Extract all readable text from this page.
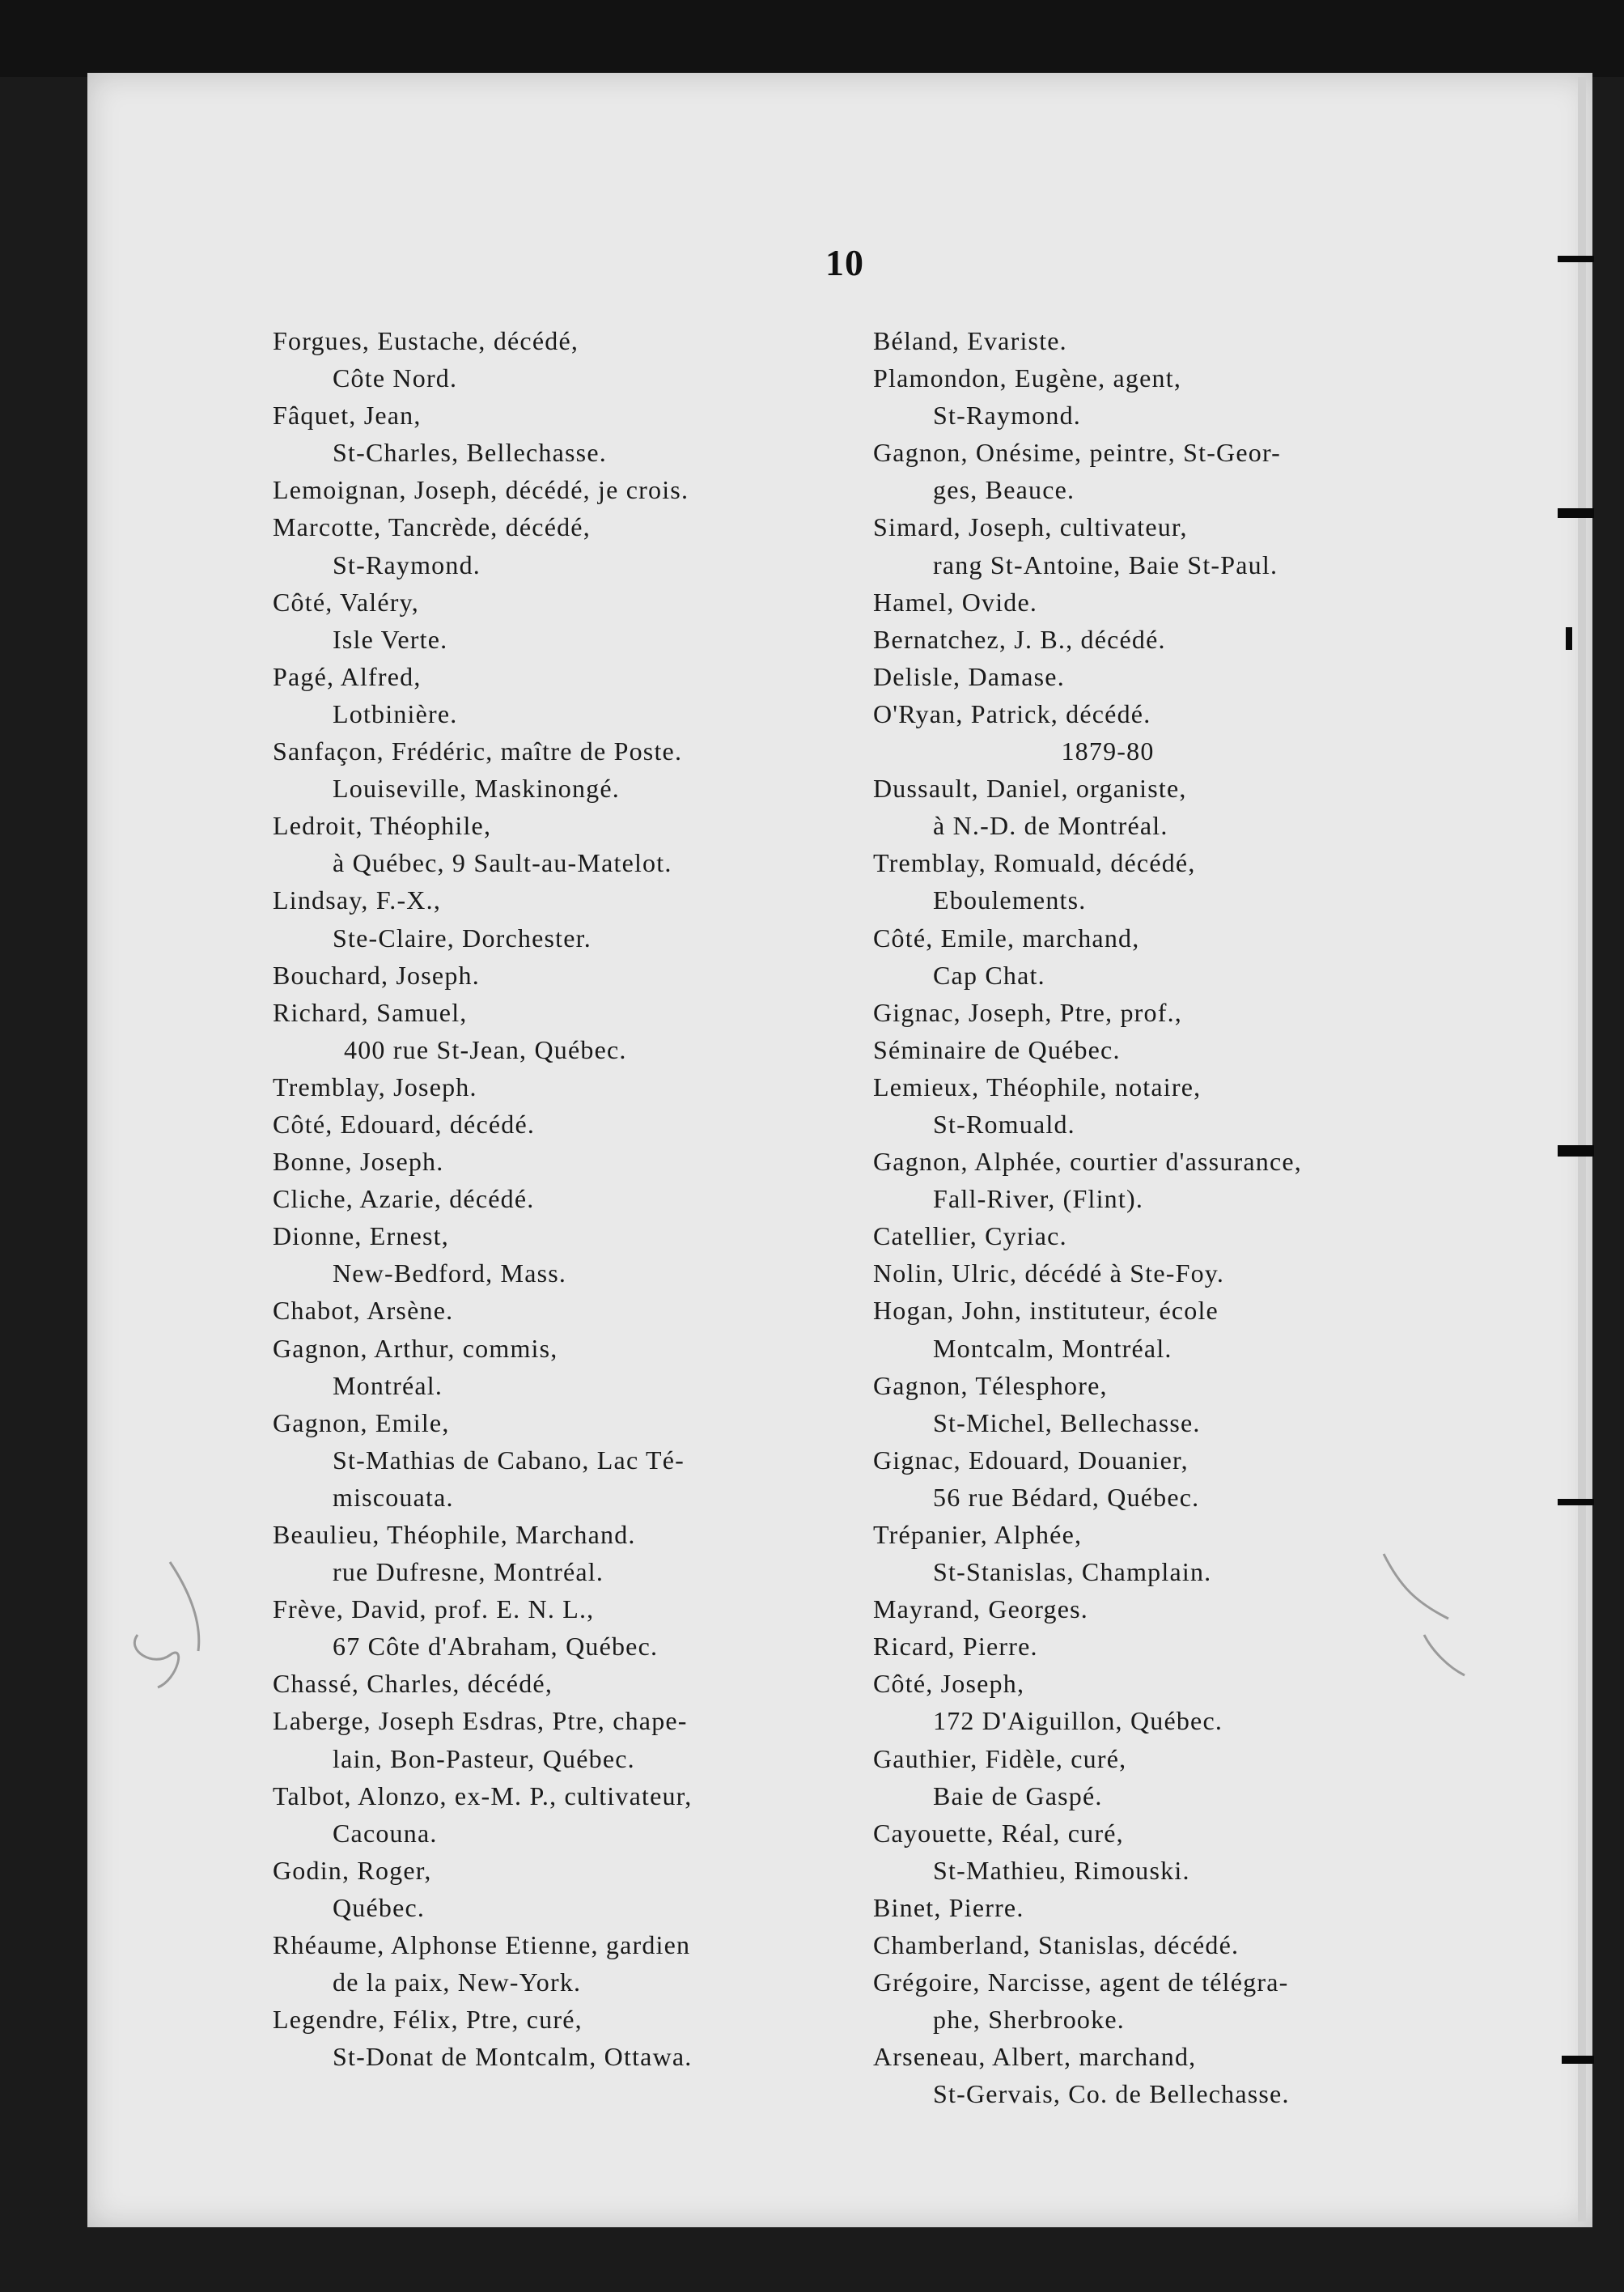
10
Forgues, Eustache, décédé,
Côte Nord.
Fâquet, Jean,
St-Charles, Bellechasse.
Lemoignan, Joseph, décédé, je crois.
Marcotte, Tancrède, décédé,
St-Raymond.
Côté, Valéry,
Isle Verte.
Pagé, Alfred,
Lotbinière.
Sanfaçon, Frédéric, maître de Poste.
Louiseville, Maskinongé.
Ledroit, Théophile,
à Québec, 9 Sault-au-Matelot.
Lindsay, F.-X.,
Ste-Claire, Dorchester.
Bouchard, Joseph.
Richard, Samuel,
400 rue St-Jean, Québec.
Tremblay, Joseph.
Côté, Edouard, décédé.
Bonne, Joseph.
Cliche, Azarie, décédé.
Dionne, Ernest,
New-Bedford, Mass.
Chabot, Arsène.
Gagnon, Arthur, commis,
Montréal.
Gagnon, Emile,
St-Mathias de Cabano, Lac Té-
miscouata.
Beaulieu, Théophile, Marchand.
rue Dufresne, Montréal.
Frève, David, prof. E. N. L.,
67 Côte d'Abraham, Québec.
Chassé, Charles, décédé,
Laberge, Joseph Esdras, Ptre, chape-
lain, Bon-Pasteur, Québec.
Talbot, Alonzo, ex-M. P., cultivateur,
Cacouna.
Godin, Roger,
Québec.
Rhéaume, Alphonse Etienne, gardien
de la paix, New-York.
Legendre, Félix, Ptre, curé,
St-Donat de Montcalm, Ottawa.
Béland, Evariste.
Plamondon, Eugène, agent,
St-Raymond.
Gagnon, Onésime, peintre, St-Geor-
ges, Beauce.
Simard, Joseph, cultivateur,
rang St-Antoine, Baie St-Paul.
Hamel, Ovide.
Bernatchez, J. B., décédé.
Delisle, Damase.
O'Ryan, Patrick, décédé.
1879-80
Dussault, Daniel, organiste,
à N.-D. de Montréal.
Tremblay, Romuald, décédé,
Eboulements.
Côté, Emile, marchand,
Cap Chat.
Gignac, Joseph, Ptre, prof.,
Séminaire de Québec.
Lemieux, Théophile, notaire,
St-Romuald.
Gagnon, Alphée, courtier d'assurance,
Fall-River, (Flint).
Catellier, Cyriac.
Nolin, Ulric, décédé à Ste-Foy.
Hogan, John, instituteur, école
Montcalm, Montréal.
Gagnon, Télesphore,
St-Michel, Bellechasse.
Gignac, Edouard, Douanier,
56 rue Bédard, Québec.
Trépanier, Alphée,
St-Stanislas, Champlain.
Mayrand, Georges.
Ricard, Pierre.
Côté, Joseph,
172 D'Aiguillon, Québec.
Gauthier, Fidèle, curé,
Baie de Gaspé.
Cayouette, Réal, curé,
St-Mathieu, Rimouski.
Binet, Pierre.
Chamberland, Stanislas, décédé.
Grégoire, Narcisse, agent de télégra-
phe, Sherbrooke.
Arseneau, Albert, marchand,
St-Gervais, Co. de Bellechasse.
